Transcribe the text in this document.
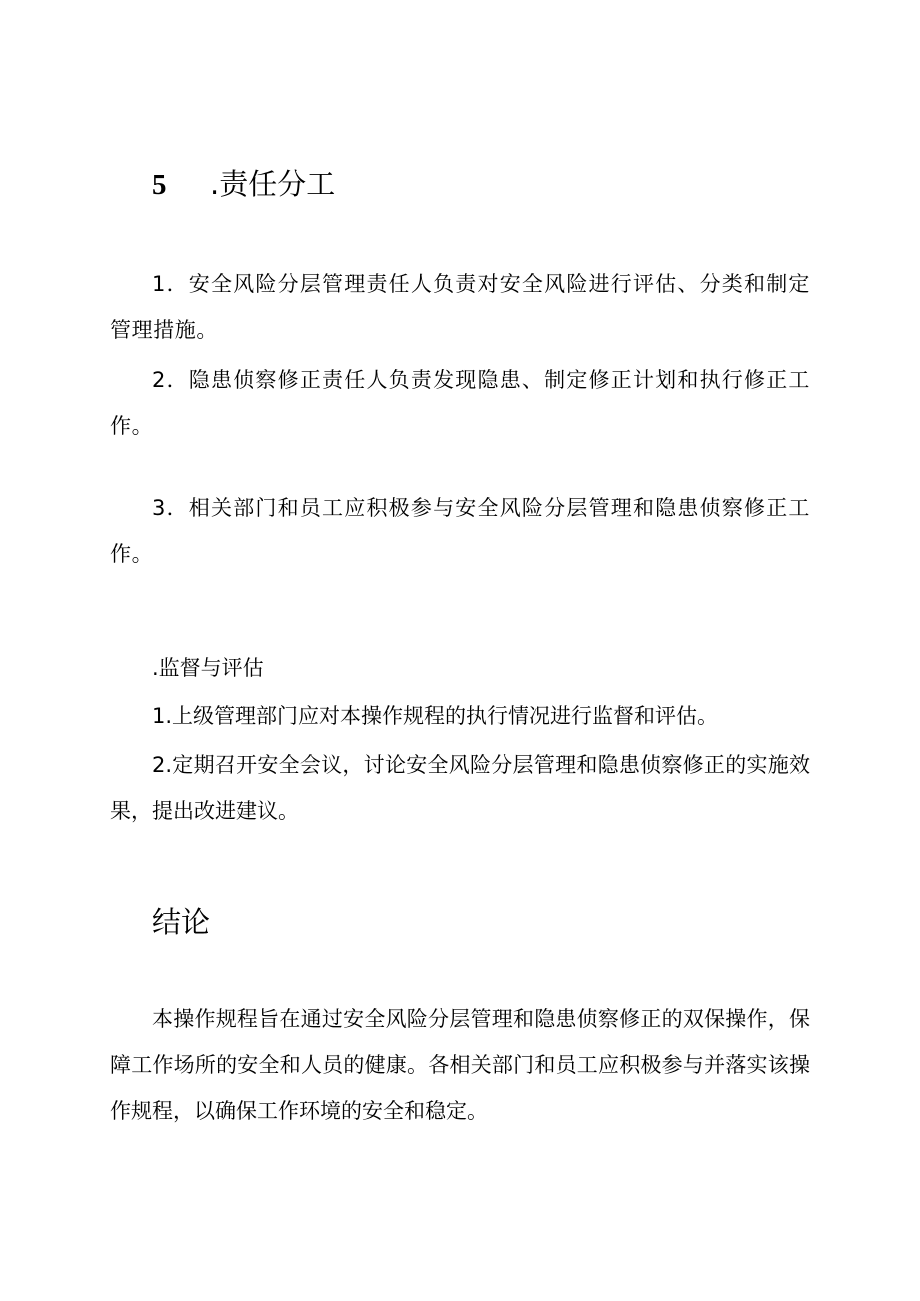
5 .责任分工

1．安全风险分层管理责任人负责对安全风险进行评估、分类和制定管理措施。

2．隐患侦察修正责任人负责发现隐患、制定修正计划和执行修正工作。

3．相关部门和员工应积极参与安全风险分层管理和隐患侦察修正工作。

.监督与评估

1.上级管理部门应对本操作规程的执行情况进行监督和评估。

2.定期召开安全会议，讨论安全风险分层管理和隐患侦察修正的实施效果，提出改进建议。

结论

本操作规程旨在通过安全风险分层管理和隐患侦察修正的双保操作，保障工作场所的安全和人员的健康。各相关部门和员工应积极参与并落实该操作规程，以确保工作环境的安全和稳定。
